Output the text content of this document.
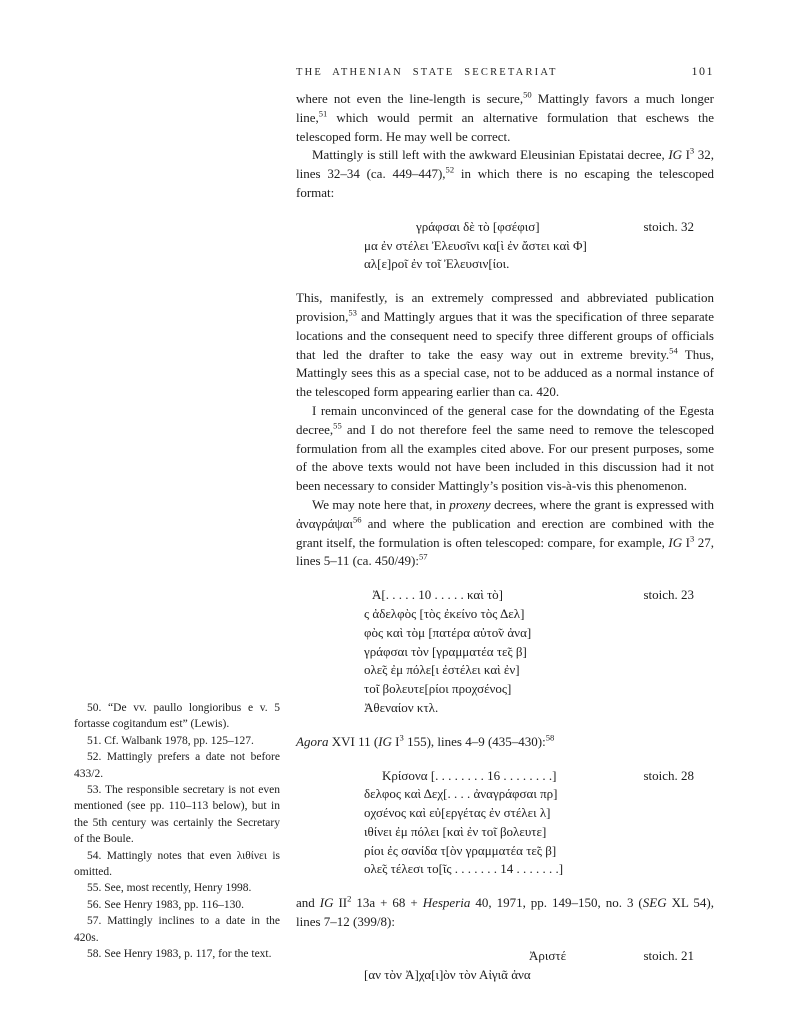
THE ATHENIAN STATE SECRETARIAT	101

where not even the line-length is secure,$^{50}$ Mattingly favors a much longer line,$^{51}$ which would permit an alternative formulation that eschews the telescoped form. He may well be correct.

Mattingly is still left with the awkward Eleusinian Epistatai decree, IG $I^3$ 32, lines 32–34 (ca. 449–447),$^{52}$ in which there is no escaping the telescoped format:

stoich. 32
γράφσαι δὲ τὸ [φσέφισ]
μα ἐν στέλει Ἐλευσῖνι κα[ὶ ἐν ἄστει καὶ Φ]
αλ[ε]ρο̃ι ἐν το̃ι Ἐλευσιν[ίοι.

This, manifestly, is an extremely compressed and abbreviated publication provision,$^{53}$ and Mattingly argues that it was the specification of three separate locations and the consequent need to specify three different groups of officials that led the drafter to take the easy way out in extreme brevity.$^{54}$ Thus, Mattingly sees this as a special case, not to be adduced as a normal instance of the telescoped form appearing earlier than ca. 420.

I remain unconvinced of the general case for the downdating of the Egesta decree,$^{55}$ and I do not therefore feel the same need to remove the telescoped formulation from all the examples cited above. For our present purposes, some of the above texts would not have been included in this discussion had it not been necessary to consider Mattingly’s position vis-à-vis this phenomenon.

We may note here that, in proxeny decrees, where the grant is expressed with ἀναγράψαι$^{56}$ and where the publication and erection are combined with the grant itself, the formulation is often telescoped: compare, for example, IG $I^3$ 27, lines 5–11 (ca. 450/49):$^{57}$

stoich. 23
Ἀ[. . . . . 10 . . . . . καὶ τὸ]
ς ἀδελφὸς [τὸς ἐκείνο τὸς Δελ]
φὸς καὶ τὸμ [πατέρα αὐτο̃ν ἀνα]
γράφσαι τὸν [γραμματέα τε̃ς β]
ολε̃ς ἐμ πόλε[ι ἐστέλει καὶ ἐν]
το̃ι βολευτε[ρίοι προχσένος]
Ἀθεναίον κτλ.

Agora XVI 11 (IG $I^3$ 155), lines 4–9 (435–430):$^{58}$

stoich. 28
Κρίσονα [. . . . . . . . 16 . . . . . . . .]
δελφος καὶ Δεχ[. . . . ἀναγράφσαι πρ]
οχσένος καὶ εὐ[εργέτας ἐν στέλει λ]
ιθίνει ἐμ πόλει [καὶ ἐν το̃ι βολευτε]
ρίοι ἐς σανίδα τ[ὸν γραμματέα τε̃ς β]
ολε̃ς τέλεσι το[ῖς . . . . . . . 14 . . . . . . .]

and IG $II^2$ 13a + 68 + Hesperia 40, 1971, pp. 149–150, no. 3 (SEG XL 54), lines 7–12 (399/8):

stoich. 21
Ἀριστέ
[αν τὸν Ἀ]χα[ι]ὸν τὸν Αἰγιᾶ ἀνα

50. “De vv. paullo longioribus e v. 5 fortasse cogitandum est” (Lewis).

51. Cf. Walbank 1978, pp. 125–127.

52. Mattingly prefers a date not before 433/2.

53. The responsible secretary is not even mentioned (see pp. 110–113 below), but in the 5th century was certainly the Secretary of the Boule.

54. Mattingly notes that even λιθίνει is omitted.

55. See, most recently, Henry 1998.

56. See Henry 1983, pp. 116–130.

57. Mattingly inclines to a date in the 420s.

58. See Henry 1983, p. 117, for the text.
